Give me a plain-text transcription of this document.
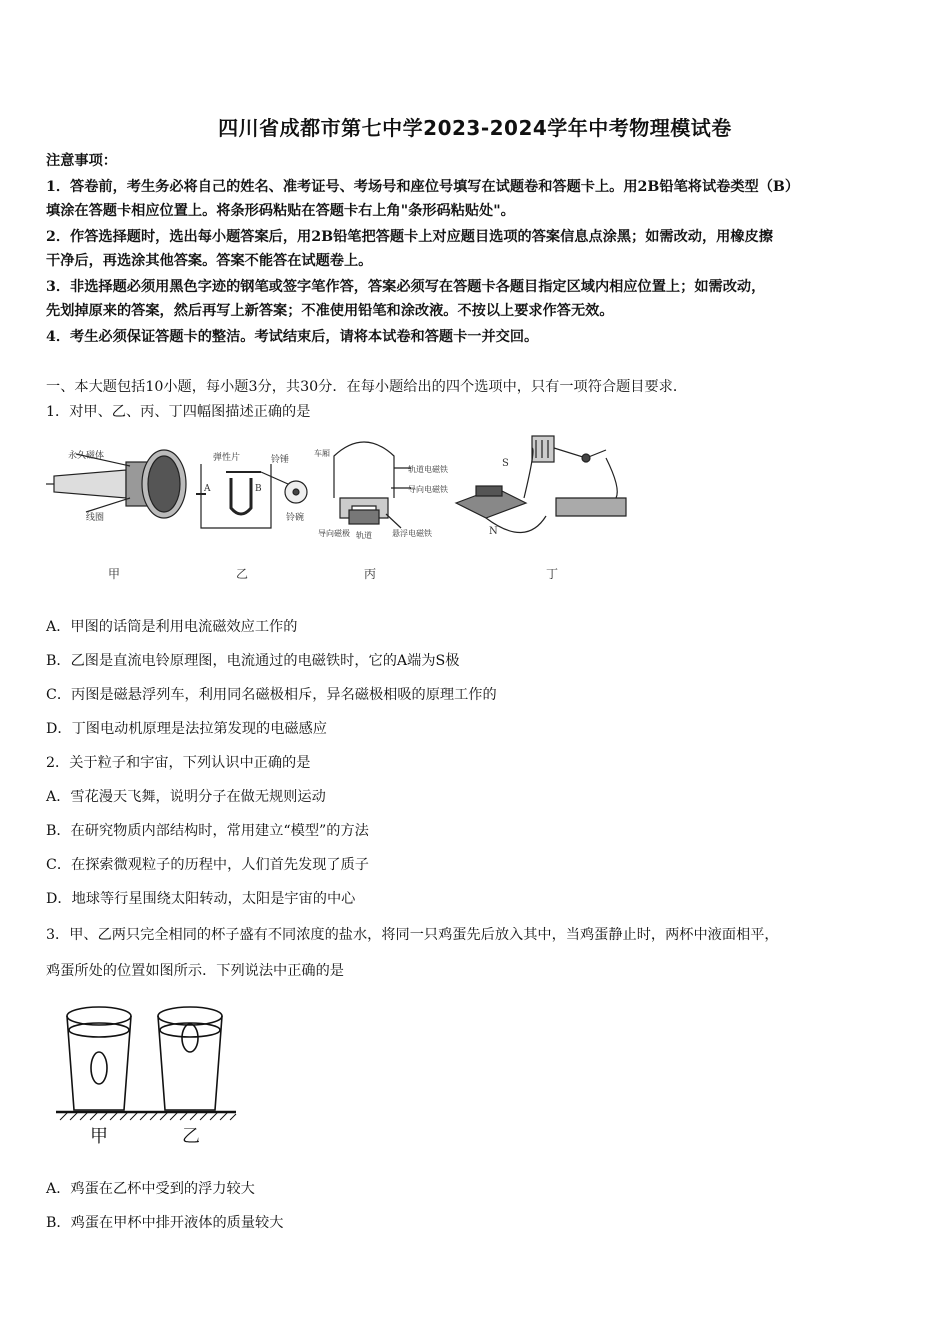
四川省成都市第七中学2023-2024学年中考物理模试卷
注意事项：
1．答卷前，考生务必将自己的姓名、准考证号、考场号和座位号填写在试题卷和答题卡上。用2B铅笔将试卷类型（B）
填涂在答题卡相应位置上。将条形码粘贴在答题卡右上角"条形码粘贴处"。
2．作答选择题时，选出每小题答案后，用2B铅笔把答题卡上对应题目选项的答案信息点涂黑；如需改动，用橡皮擦
干净后，再选涂其他答案。答案不能答在试题卷上。
3．非选择题必须用黑色字迹的钢笔或签字笔作答，答案必须写在答题卡各题目指定区域内相应位置上；如需改动，
先划掉原来的答案，然后再写上新答案；不准使用铅笔和涂改液。不按以上要求作答无效。
4．考生必须保证答题卡的整洁。考试结束后，请将本试卷和答题卡一并交回。
一、本大题包括10小题，每小题3分，共30分．在每小题给出的四个选项中，只有一项符合题目要求．
1．对甲、乙、丙、丁四幅图描述正确的是
永久磁体
线圈
弹性片
A	B
铃锤
铃碗
车厢
轨道电磁铁
导向电磁铁
悬浮电磁铁
轨道
导向磁极
S
N
甲	乙	丙	丁
A．甲图的话筒是利用电流磁效应工作的
B．乙图是直流电铃原理图，电流通过的电磁铁时，它的A端为S极
C．丙图是磁悬浮列车，利用同名磁极相斥，异名磁极相吸的原理工作的
D．丁图电动机原理是法拉第发现的电磁感应
2．关于粒子和宇宙，下列认识中正确的是
A．雪花漫天飞舞，说明分子在做无规则运动
B．在研究物质内部结构时，常用建立“模型”的方法
C．在探索微观粒子的历程中，人们首先发现了质子
D．地球等行星围绕太阳转动，太阳是宇宙的中心
3．甲、乙两只完全相同的杯子盛有不同浓度的盐水，将同一只鸡蛋先后放入其中，当鸡蛋静止时，两杯中液面相平，
鸡蛋所处的位置如图所示．下列说法中正确的是
甲	乙
A．鸡蛋在乙杯中受到的浮力较大
B．鸡蛋在甲杯中排开液体的质量较大
